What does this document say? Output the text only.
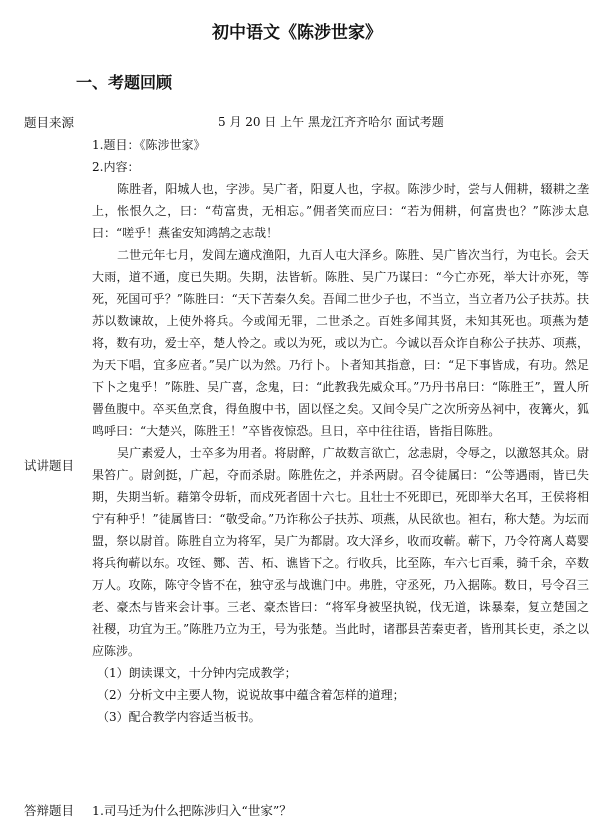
初中语文《陈涉世家》
一、考题回顾
题目来源	5 月 20 日 上午 黑龙江齐齐哈尔 面试考题
试讲题目

1.题目：《陈涉世家》

2.内容：

陈胜者，阳城人也，字涉。吴广者，阳夏人也，字叔。陈涉少时，尝与人佣耕，辍耕之垄上，怅恨久之，曰：“苟富贵，无相忘。”佣者笑而应曰：“若为佣耕，何富贵也？”陈涉太息曰：“嗟乎！燕雀安知鸿鹄之志哉！

二世元年七月，发闾左適戍渔阳，九百人屯大泽乡。陈胜、吴广皆次当行，为屯长。会天大雨，道不通，度已失期。失期，法皆斩。陈胜、吴广乃谋曰：“今亡亦死，举大计亦死，等死，死国可乎？”陈胜曰：“天下苦秦久矣。吾闻二世少子也，不当立，当立者乃公子扶苏。扶苏以数谏故，上使外将兵。今或闻无罪，二世杀之。百姓多闻其贤，未知其死也。项燕为楚将，数有功，爱士卒，楚人怜之。或以为死，或以为亡。今诚以吾众诈自称公子扶苏、项燕，为天下唱，宜多应者。”吴广以为然。乃行卜。卜者知其指意，曰：“足下事皆成，有功。然足下卜之鬼乎！”陈胜、吴广喜，念鬼，曰：“此教我先威众耳。”乃丹书帛曰：“陈胜王”，置人所罾鱼腹中。卒买鱼烹食，得鱼腹中书，固以怪之矣。又间令吴广之次所旁丛祠中，夜篝火，狐鸣呼曰：“大楚兴，陈胜王！”卒皆夜惊恐。旦日，卒中往往语，皆指目陈胜。

吴广素爱人，士卒多为用者。将尉醉，广故数言欲亡，忿恚尉，令辱之，以激怒其众。尉果笞广。尉剑挺，广起，夺而杀尉。陈胜佐之，并杀两尉。召令徒属曰：“公等遇雨，皆已失期，失期当斩。藉第令毋斩，而戍死者固十六七。且壮士不死即已，死即举大名耳，王侯将相宁有种乎！”徒属皆曰：“敬受命。”乃诈称公子扶苏、项燕，从民欲也。袒右，称大楚。为坛而盟，祭以尉首。陈胜自立为将军，吴广为都尉。攻大泽乡，收而攻蕲。蕲下，乃令符离人葛婴将兵徇蕲以东。攻铚、酂、苦、柘、谯皆下之。行收兵，比至陈，车六七百乘，骑千余，卒数万人。攻陈，陈守令皆不在，独守丞与战谯门中。弗胜，守丞死，乃入据陈。数日，号令召三老、豪杰与皆来会计事。三老、豪杰皆曰：“将军身被坚执锐，伐无道，诛暴秦，复立楚国之社稷，功宜为王。”陈胜乃立为王，号为张楚。当此时，诸郡县苦秦吏者，皆刑其长吏，杀之以应陈涉。

（1）朗读课文，十分钟内完成教学；

（2）分析文中主要人物，说说故事中蕴含着怎样的道理；

（3）配合教学内容适当板书。

答辩题目 1.司马迁为什么把陈涉归入“世家”？
